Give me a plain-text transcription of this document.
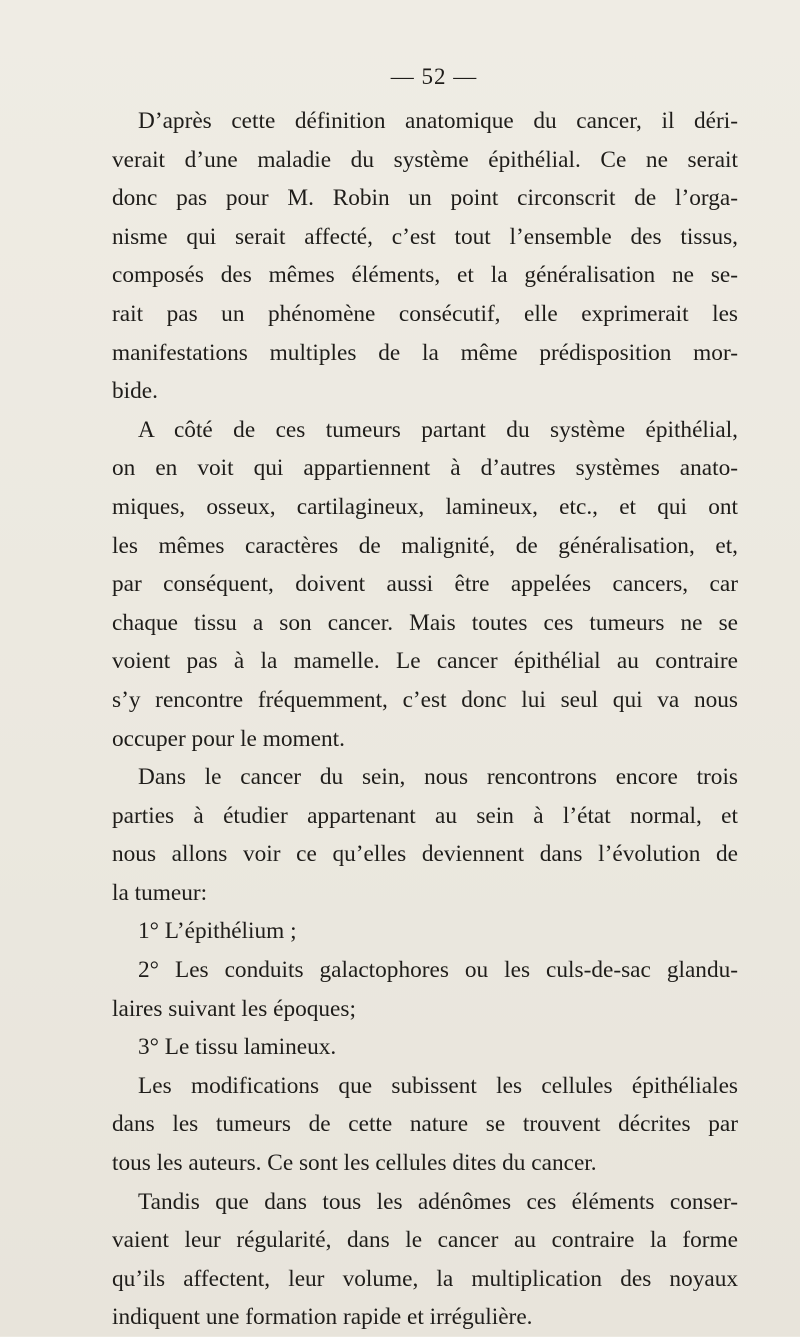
— 52 —
D’après cette définition anatomique du cancer, il déri-
verait d’une maladie du système épithélial. Ce ne serait
donc pas pour M. Robin un point circonscrit de l’orga-
nisme qui serait affecté, c’est tout l’ensemble des tissus,
composés des mêmes éléments, et la généralisation ne se-
rait pas un phénomène consécutif, elle exprimerait les
manifestations multiples de la même prédisposition mor-
bide.
A côté de ces tumeurs partant du système épithélial,
on en voit qui appartiennent à d’autres systèmes anato-
miques, osseux, cartilagineux, lamineux, etc., et qui ont
les mêmes caractères de malignité, de généralisation, et,
par conséquent, doivent aussi être appelées cancers, car
chaque tissu a son cancer. Mais toutes ces tumeurs ne se
voient pas à la mamelle. Le cancer épithélial au contraire
s’y rencontre fréquemment, c’est donc lui seul qui va nous
occuper pour le moment.
Dans le cancer du sein, nous rencontrons encore trois
parties à étudier appartenant au sein à l’état normal, et
nous allons voir ce qu’elles deviennent dans l’évolution de
la tumeur:
1° L’épithélium ;
2° Les conduits galactophores ou les culs-de-sac glandu-
laires suivant les époques;
3° Le tissu lamineux.
Les modifications que subissent les cellules épithéliales
dans les tumeurs de cette nature se trouvent décrites par
tous les auteurs. Ce sont les cellules dites du cancer.
Tandis que dans tous les adénômes ces éléments conser-
vaient leur régularité, dans le cancer au contraire la forme
qu’ils affectent, leur volume, la multiplication des noyaux
indiquent une formation rapide et irrégulière.
